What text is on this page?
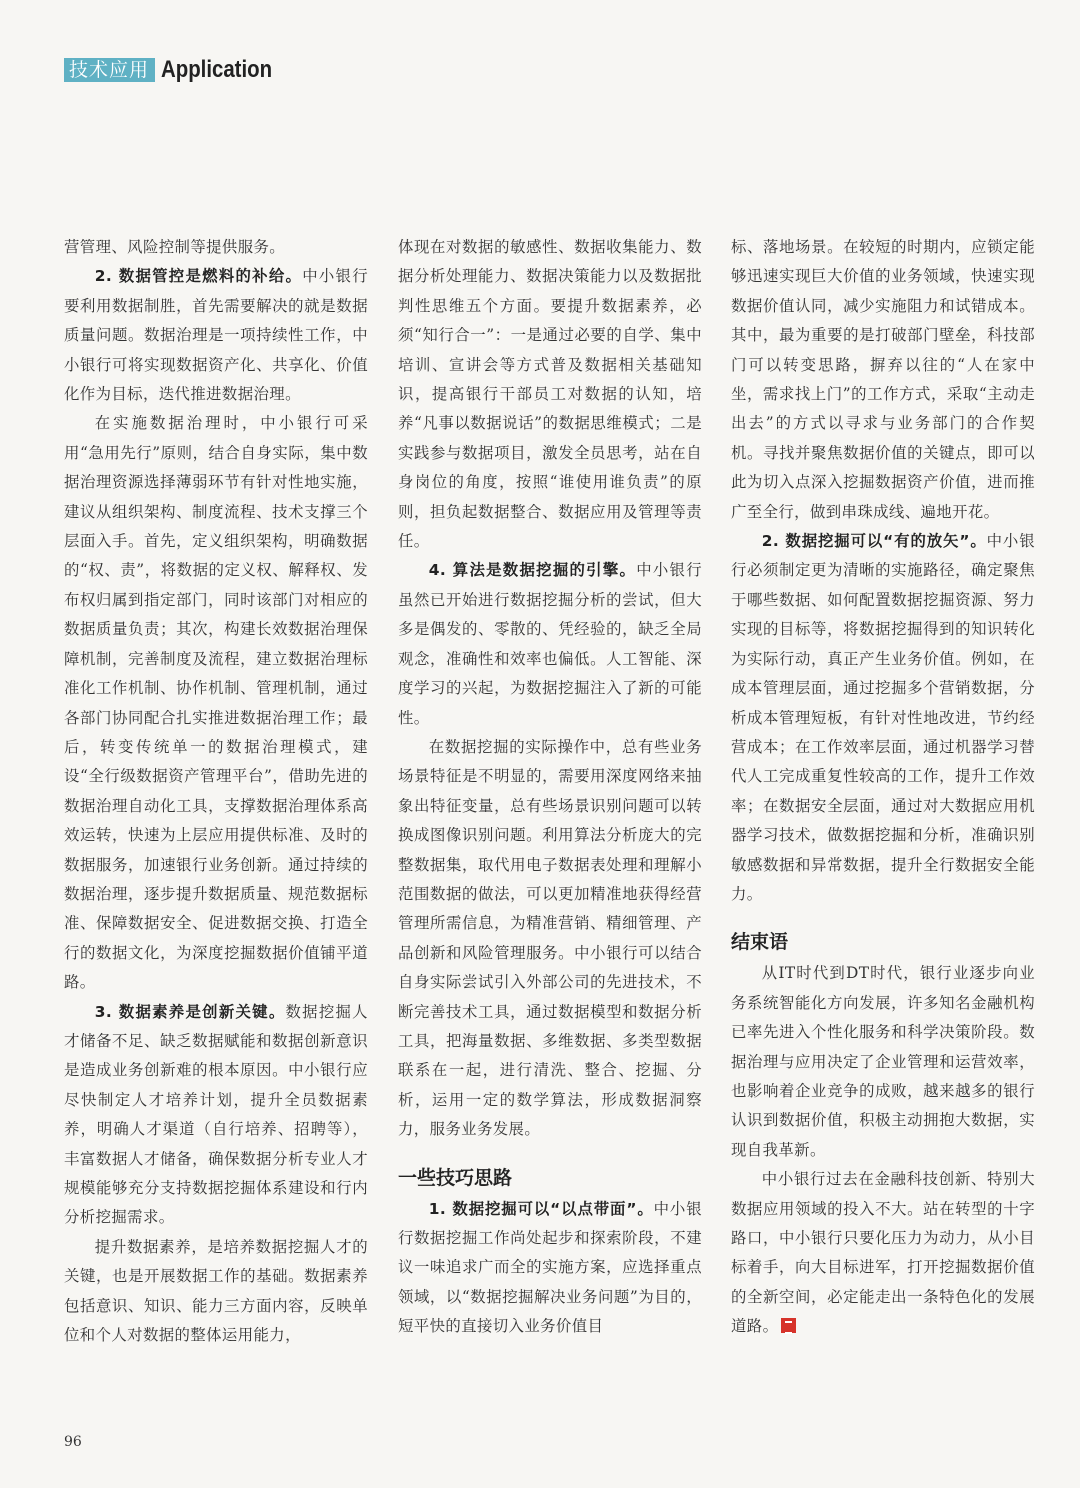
技术应用 Application

营管理、风险控制等提供服务。

2. 数据管控是燃料的补给。中小银行要利用数据制胜，首先需要解决的就是数据质量问题。数据治理是一项持续性工作，中小银行可将实现数据资产化、共享化、价值化作为目标，迭代推进数据治理。

在实施数据治理时，中小银行可采用“急用先行”原则，结合自身实际，集中数据治理资源选择薄弱环节有针对性地实施，建议从组织架构、制度流程、技术支撑三个层面入手。首先，定义组织架构，明确数据的“权、责”，将数据的定义权、解释权、发布权归属到指定部门，同时该部门对相应的数据质量负责；其次，构建长效数据治理保障机制，完善制度及流程，建立数据治理标准化工作机制、协作机制、管理机制，通过各部门协同配合扎实推进数据治理工作；最后，转变传统单一的数据治理模式，建设“全行级数据资产管理平台”，借助先进的数据治理自动化工具，支撑数据治理体系高效运转，快速为上层应用提供标准、及时的数据服务，加速银行业务创新。通过持续的数据治理，逐步提升数据质量、规范数据标准、保障数据安全、促进数据交换、打造全行的数据文化，为深度挖掘数据价值铺平道路。

3. 数据素养是创新关键。数据挖掘人才储备不足、缺乏数据赋能和数据创新意识是造成业务创新难的根本原因。中小银行应尽快制定人才培养计划，提升全员数据素养，明确人才渠道（自行培养、招聘等），丰富数据人才储备，确保数据分析专业人才规模能够充分支持数据挖掘体系建设和行内分析挖掘需求。

提升数据素养，是培养数据挖掘人才的关键，也是开展数据工作的基础。数据素养包括意识、知识、能力三方面内容，反映单位和个人对数据的整体运用能力，

体现在对数据的敏感性、数据收集能力、数据分析处理能力、数据决策能力以及数据批判性思维五个方面。要提升数据素养，必须“知行合一”：一是通过必要的自学、集中培训、宣讲会等方式普及数据相关基础知识，提高银行干部员工对数据的认知，培养“凡事以数据说话”的数据思维模式；二是实践参与数据项目，激发全员思考，站在自身岗位的角度，按照“谁使用谁负责”的原则，担负起数据整合、数据应用及管理等责任。

4. 算法是数据挖掘的引擎。中小银行虽然已开始进行数据挖掘分析的尝试，但大多是偶发的、零散的、凭经验的，缺乏全局观念，准确性和效率也偏低。人工智能、深度学习的兴起，为数据挖掘注入了新的可能性。

在数据挖掘的实际操作中，总有些业务场景特征是不明显的，需要用深度网络来抽象出特征变量，总有些场景识别问题可以转换成图像识别问题。利用算法分析庞大的完整数据集，取代用电子数据表处理和理解小范围数据的做法，可以更加精准地获得经营管理所需信息，为精准营销、精细管理、产品创新和风险管理服务。中小银行可以结合自身实际尝试引入外部公司的先进技术，不断完善技术工具，通过数据模型和数据分析工具，把海量数据、多维数据、多类型数据联系在一起，进行清洗、整合、挖掘、分析，运用一定的数学算法，形成数据洞察力，服务业务发展。

一些技巧思路

1. 数据挖掘可以“以点带面”。中小银行数据挖掘工作尚处起步和探索阶段，不建议一味追求广而全的实施方案，应选择重点领域，以“数据挖掘解决业务问题”为目的，短平快的直接切入业务价值目

标、落地场景。在较短的时期内，应锁定能够迅速实现巨大价值的业务领域，快速实现数据价值认同，减少实施阻力和试错成本。其中，最为重要的是打破部门壁垒，科技部门可以转变思路，摒弃以往的“人在家中坐，需求找上门”的工作方式，采取“主动走出去”的方式以寻求与业务部门的合作契机。寻找并聚焦数据价值的关键点，即可以此为切入点深入挖掘数据资产价值，进而推广至全行，做到串珠成线、遍地开花。

2. 数据挖掘可以“有的放矢”。中小银行必须制定更为清晰的实施路径，确定聚焦于哪些数据、如何配置数据挖掘资源、努力实现的目标等，将数据挖掘得到的知识转化为实际行动，真正产生业务价值。例如，在成本管理层面，通过挖掘多个营销数据，分析成本管理短板，有针对性地改进，节约经营成本；在工作效率层面，通过机器学习替代人工完成重复性较高的工作，提升工作效率；在数据安全层面，通过对大数据应用机器学习技术，做数据挖掘和分析，准确识别敏感数据和异常数据，提升全行数据安全能力。

结束语

从IT时代到DT时代，银行业逐步向业务系统智能化方向发展，许多知名金融机构已率先进入个性化服务和科学决策阶段。数据治理与应用决定了企业管理和运营效率，也影响着企业竞争的成败，越来越多的银行认识到数据价值，积极主动拥抱大数据，实现自我革新。

中小银行过去在金融科技创新、特别大数据应用领域的投入不大。站在转型的十字路口，中小银行只要化压力为动力，从小目标着手，向大目标进军，打开挖掘数据价值的全新空间，必定能走出一条特色化的发展道路。

96
